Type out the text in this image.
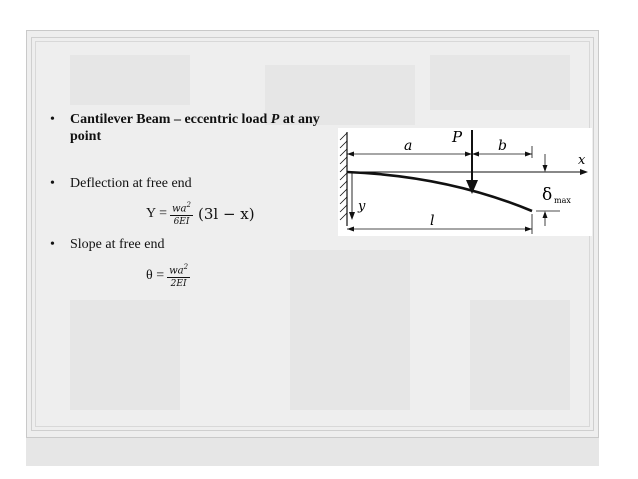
• Cantilever Beam – eccentric load P at any point
• Deflection at free end
$Y = \frac{wa^2}{6EI} (3l - x)$
• Slope at free end
$\theta = \frac{wa^2}{2EI}$
x
y
a	b
P
l
δ max
